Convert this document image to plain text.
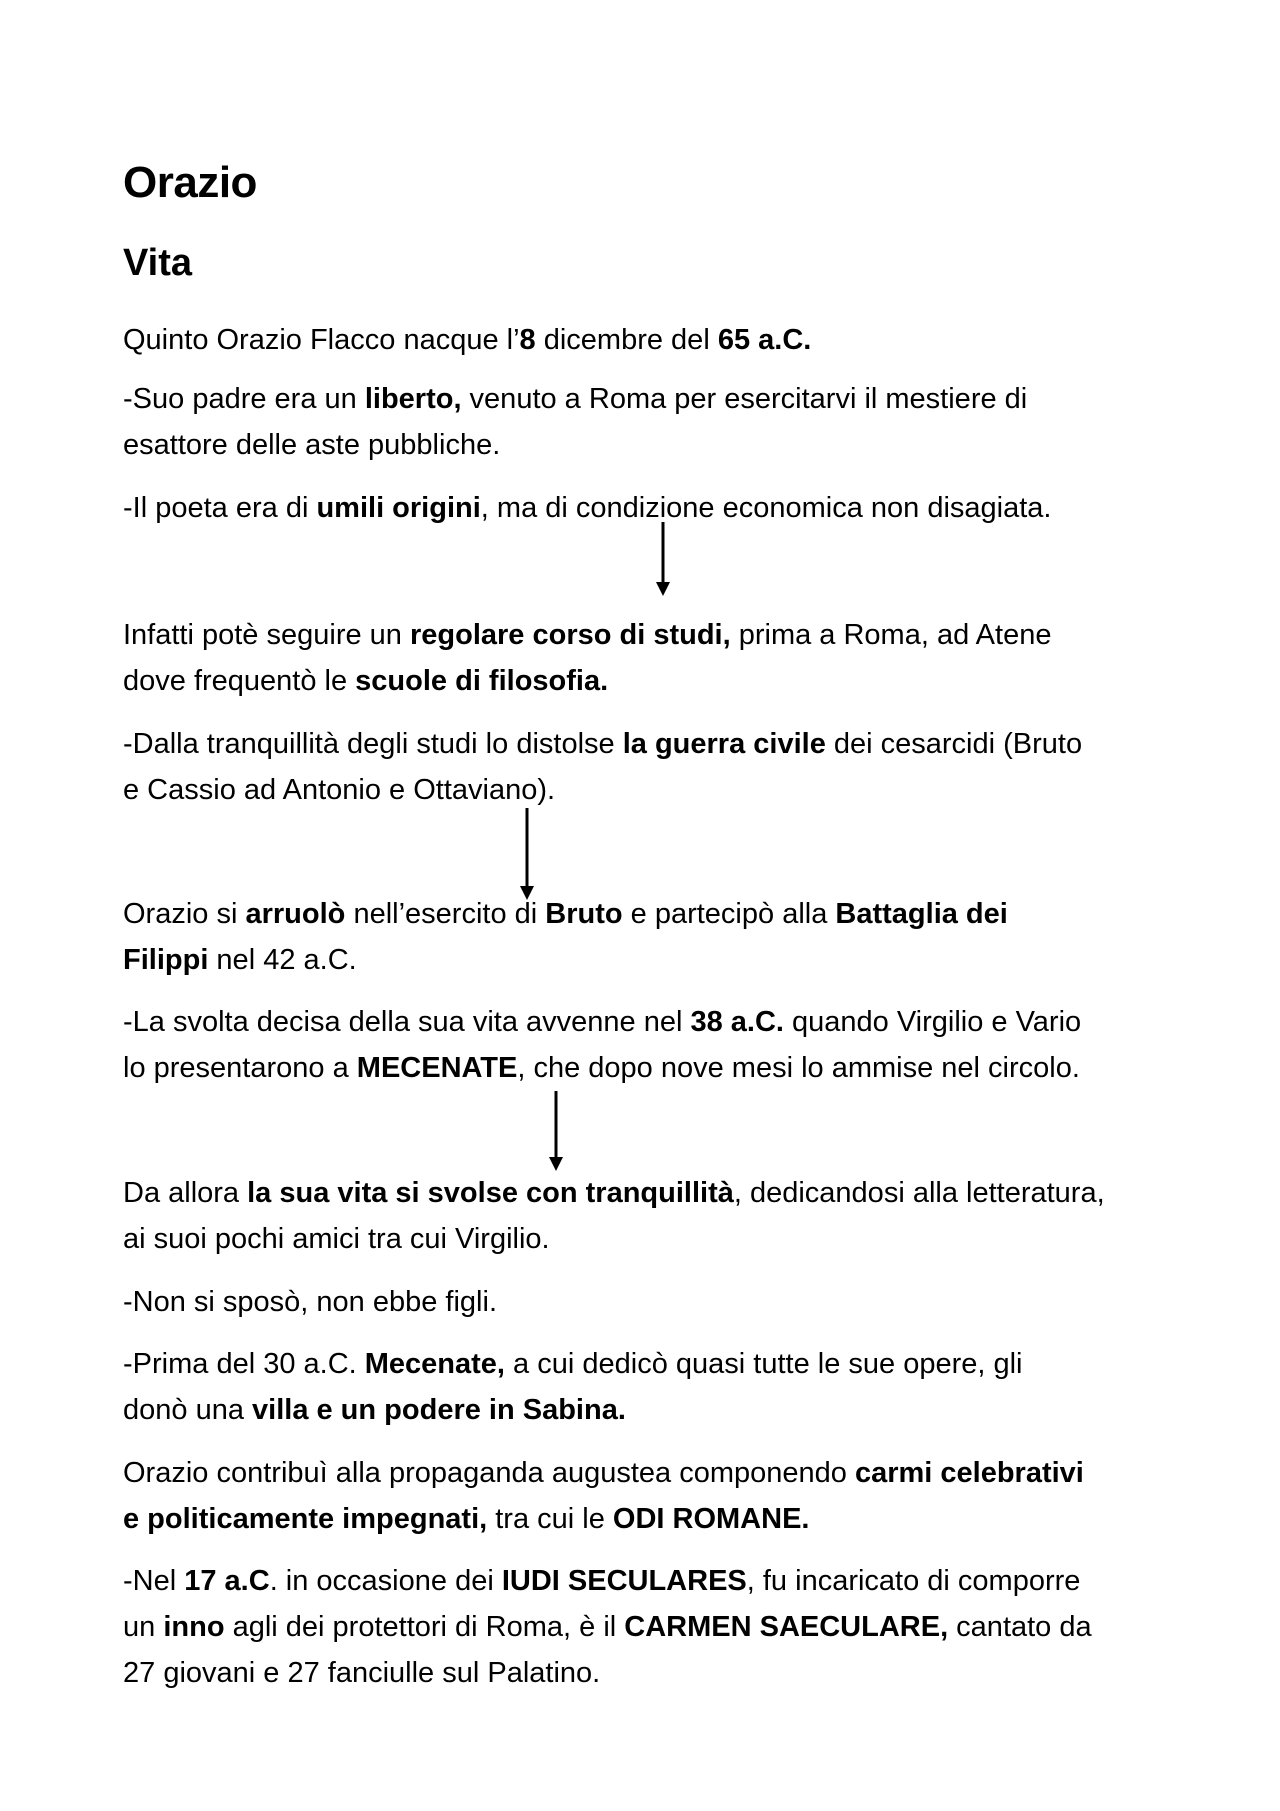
Orazio
Vita
Quinto Orazio Flacco nacque l’8 dicembre del 65 a.C.
-Suo padre era un liberto, venuto a Roma per esercitarvi il mestiere di
esattore delle aste pubbliche.
-Il poeta era di umili origini, ma di condizione economica non disagiata.
Infatti potè seguire un regolare corso di studi, prima a Roma, ad Atene
dove frequentò le scuole di filosofia.
-Dalla tranquillità degli studi lo distolse la guerra civile dei cesarcidi (Bruto
e Cassio ad Antonio e Ottaviano).
Orazio si arruolò nell’esercito di Bruto e partecipò alla Battaglia dei
Filippi nel 42 a.C.
-La svolta decisa della sua vita avvenne nel 38 a.C. quando Virgilio e Vario
lo presentarono a MECENATE, che dopo nove mesi lo ammise nel circolo.
Da allora la sua vita si svolse con tranquillità, dedicandosi alla letteratura,
ai suoi pochi amici tra cui Virgilio.
-Non si sposò, non ebbe figli.
-Prima del 30 a.C. Mecenate, a cui dedicò quasi tutte le sue opere, gli
donò una villa e un podere in Sabina.
Orazio contribuì alla propaganda augustea componendo carmi celebrativi
e politicamente impegnati, tra cui le ODI ROMANE.
-Nel 17 a.C. in occasione dei IUDI SECULARES, fu incaricato di comporre
un inno agli dei protettori di Roma, è il CARMEN SAECULARE, cantato da
27 giovani e 27 fanciulle sul Palatino.
